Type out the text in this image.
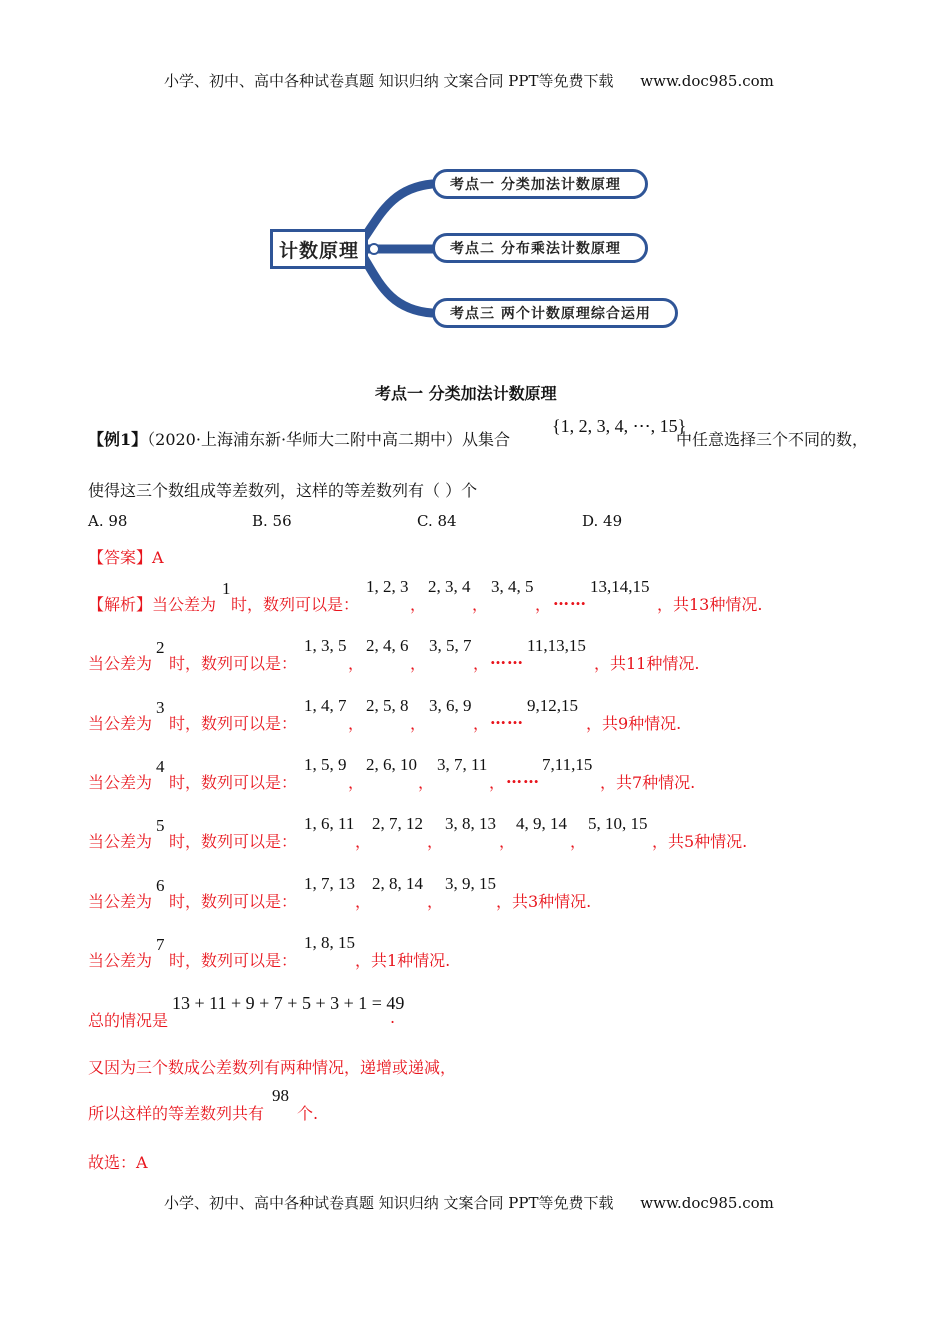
小学、初中、高中各种试卷真题 知识归纳 文案合同 PPT等免费下载 www.doc985.com
计数原理
考点一 分类加法计数原理
考点二 分布乘法计数原理
考点三 两个计数原理综合运用
考点一 分类加法计数原理
【例1】（2020·上海浦东新·华师大二附中高二期中）从集合
{1, 2, 3, 4, ⋯, 15}
中任意选择三个不同的数，
使得这三个数组成等差数列，这样的等差数列有（ ）个
A. 98	B. 56	C. 84	D. 49
【答案】A
【解析】当公差为
1
时，数列可以是：
1, 2, 3
，
2, 3, 4
，
3, 4, 5
， ……
13,14,15
，共13种情况.
当公差为
2
时，数列可以是：
1, 3, 5
，
2, 4, 6
，
3, 5, 7
， ……
11,13,15
，共11种情况.
当公差为
3
时，数列可以是：
1, 4, 7
，
2, 5, 8
，
3, 6, 9
， ……
9,12,15
，共9种情况.
当公差为
4
时，数列可以是：
1, 5, 9
，
2, 6, 10
，
3, 7, 11
， ……
7,11,15
，共7种情况.
当公差为
5
时，数列可以是：
1, 6, 11
，
2, 7, 12
，
3, 8, 13
，
4, 9, 14
，
5, 10, 15
，共5种情况.
当公差为
6
时，数列可以是：
1, 7, 13
，
2, 8, 14
，
3, 9, 15
，共3种情况.
当公差为
7
时，数列可以是：
1, 8, 15
，共1种情况.
总的情况是
13 + 11 + 9 + 7 + 5 + 3 + 1 = 49
.
又因为三个数成公差数列有两种情况，递增或递减，
所以这样的等差数列共有
98
个.
故选：A
小学、初中、高中各种试卷真题 知识归纳 文案合同 PPT等免费下载 www.doc985.com
